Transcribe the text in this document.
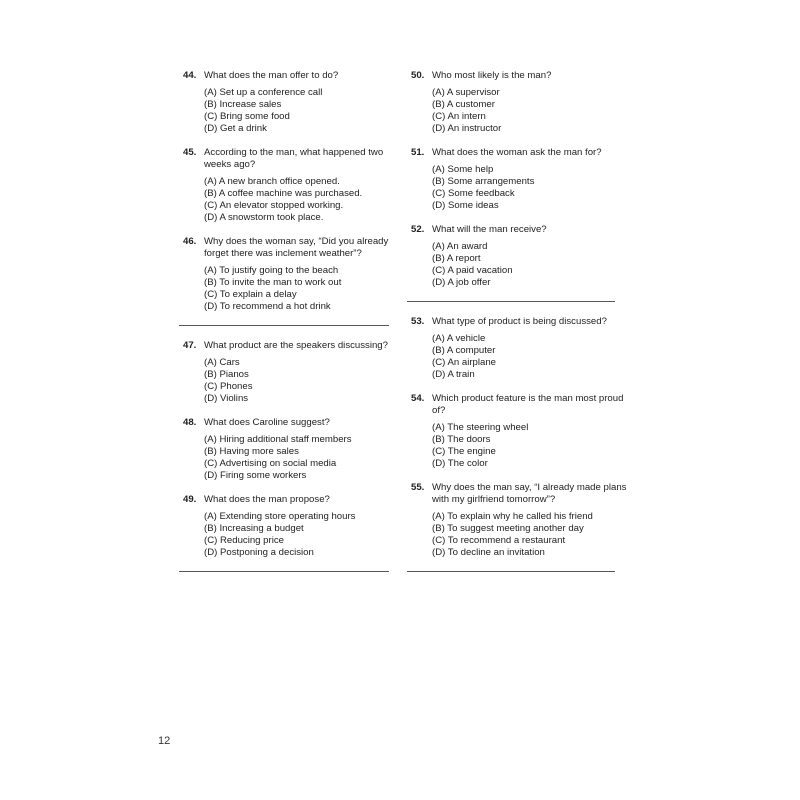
44. What does the man offer to do?
(A) Set up a conference call
(B) Increase sales
(C) Bring some food
(D) Get a drink
45. According to the man, what happened two weeks ago?
(A) A new branch office opened.
(B) A coffee machine was purchased.
(C) An elevator stopped working.
(D) A snowstorm took place.
46. Why does the woman say, “Did you already forget there was inclement weather”?
(A) To justify going to the beach
(B) To invite the man to work out
(C) To explain a delay
(D) To recommend a hot drink
47. What product are the speakers discussing?
(A) Cars
(B) Pianos
(C) Phones
(D) Violins
48. What does Caroline suggest?
(A) Hiring additional staff members
(B) Having more sales
(C) Advertising on social media
(D) Firing some workers
49. What does the man propose?
(A) Extending store operating hours
(B) Increasing a budget
(C) Reducing price
(D) Postponing a decision
50. Who most likely is the man?
(A) A supervisor
(B) A customer
(C) An intern
(D) An instructor
51. What does the woman ask the man for?
(A) Some help
(B) Some arrangements
(C) Some feedback
(D) Some ideas
52. What will the man receive?
(A) An award
(B) A report
(C) A paid vacation
(D) A job offer
53. What type of product is being discussed?
(A) A vehicle
(B) A computer
(C) An airplane
(D) A train
54. Which product feature is the man most proud of?
(A) The steering wheel
(B) The doors
(C) The engine
(D) The color
55. Why does the man say, “I already made plans with my girlfriend tomorrow”?
(A) To explain why he called his friend
(B) To suggest meeting another day
(C) To recommend a restaurant
(D) To decline an invitation
12
